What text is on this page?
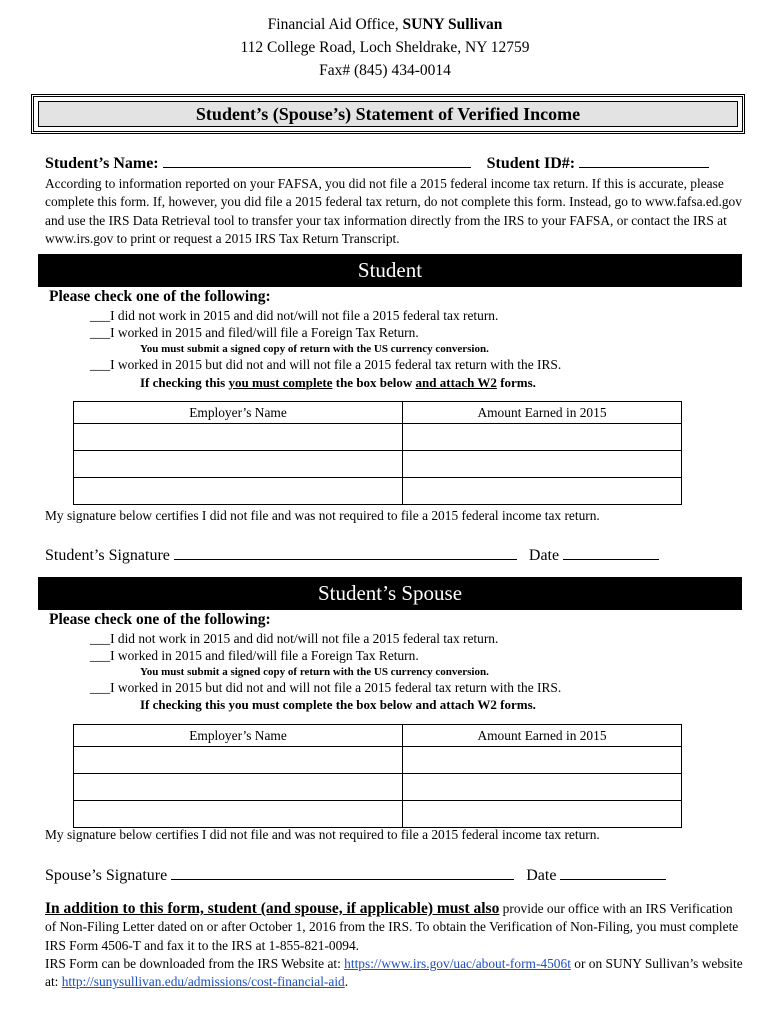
Financial Aid Office, SUNY Sullivan
112 College Road, Loch Sheldrake, NY 12759
Fax# (845) 434-0014
Student’s (Spouse’s) Statement of Verified Income
Student’s Name:	Student ID#:
According to information reported on your FAFSA, you did not file a 2015 federal income tax return. If this is accurate, please complete this form. If, however, you did file a 2015 federal tax return, do not complete this form. Instead, go to www.fafsa.ed.gov and use the IRS Data Retrieval tool to transfer your tax information directly from the IRS to your FAFSA, or contact the IRS at www.irs.gov to print or request a 2015 IRS Tax Return Transcript.
Student
Please check one of the following:
___I did not work in 2015 and did not/will not file a 2015 federal tax return.
___I worked in 2015 and filed/will file a Foreign Tax Return.
You must submit a signed copy of return with the US currency conversion.
___I worked in 2015 but did not and will not file a 2015 federal tax return with the IRS.
If checking this you must complete the box below and attach W2 forms.
Employer’s Name	Amount Earned in 2015

My signature below certifies I did not file and was not required to file a 2015 federal income tax return.
Student’s Signature	Date
Student’s Spouse
Please check one of the following:
___I did not work in 2015 and did not/will not file a 2015 federal tax return.
___I worked in 2015 and filed/will file a Foreign Tax Return.
You must submit a signed copy of return with the US currency conversion.
___I worked in 2015 but did not and will not file a 2015 federal tax return with the IRS.
If checking this you must complete the box below and attach W2 forms.
Employer’s Name	Amount Earned in 2015

My signature below certifies I did not file and was not required to file a 2015 federal income tax return.
Spouse’s Signature	Date
In addition to this form, student (and spouse, if applicable) must also provide our office with an IRS Verification of Non-Filing Letter dated on or after October 1, 2016 from the IRS. To obtain the Verification of Non-Filing, you must complete IRS Form 4506-T and fax it to the IRS at 1-855-821-0094.
IRS Form can be downloaded from the IRS Website at: https://www.irs.gov/uac/about-form-4506t or on SUNY Sullivan’s website at: http://sunysullivan.edu/admissions/cost-financial-aid.
